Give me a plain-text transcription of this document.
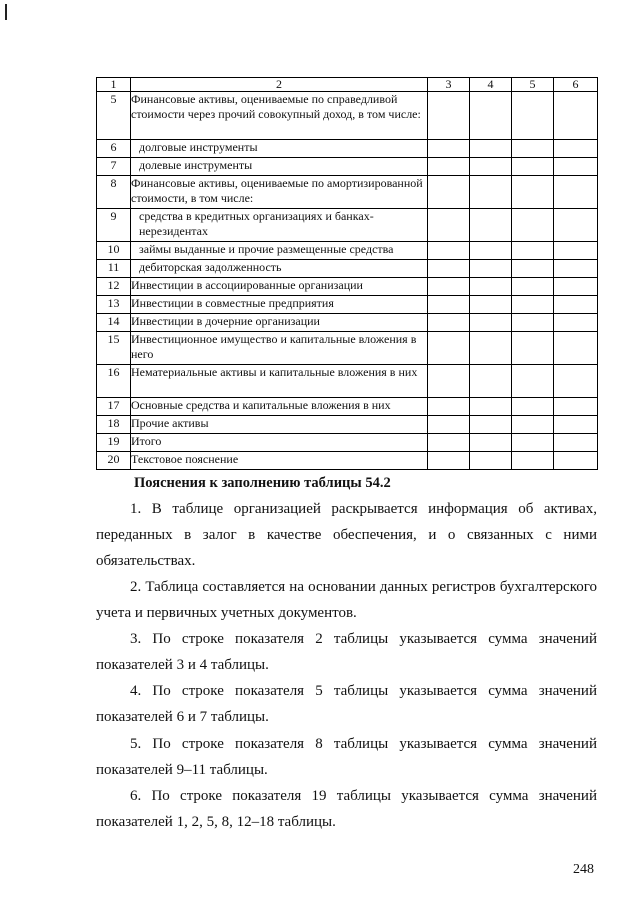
1	2	3	4	5	6
5	Финансовые активы, оцениваемые по справедливой стоимости через прочий совокупный доход, в том числе:				
6	долговые инструменты				
7	долевые инструменты				
8	Финансовые активы, оцениваемые по амортизированной стоимости, в том числе:				
9	средства в кредитных организациях и банках-нерезидентах				
10	займы выданные и прочие размещенные средства				
11	дебиторская задолженность				
12	Инвестиции в ассоциированные организации				
13	Инвестиции в совместные предприятия				
14	Инвестиции в дочерние организации				
15	Инвестиционное имущество и капитальные вложения в него				
16	Нематериальные активы и капитальные вложения в них				
17	Основные средства и капитальные вложения в них				
18	Прочие активы				
19	Итого				
20	Текстовое пояснение				
Пояснения к заполнению таблицы 54.2

1. В таблице организацией раскрывается информация об активах, переданных в залог в качестве обеспечения, и о связанных с ними обязательствах.

2. Таблица составляется на основании данных регистров бухгалтерского учета и первичных учетных документов.

3. По строке показателя 2 таблицы указывается сумма значений показателей 3 и 4 таблицы.

4. По строке показателя 5 таблицы указывается сумма значений показателей 6 и 7 таблицы.

5. По строке показателя 8 таблицы указывается сумма значений показателей 9–11 таблицы.

6. По строке показателя 19 таблицы указывается сумма значений показателей 1, 2, 5, 8, 12–18 таблицы.

248
